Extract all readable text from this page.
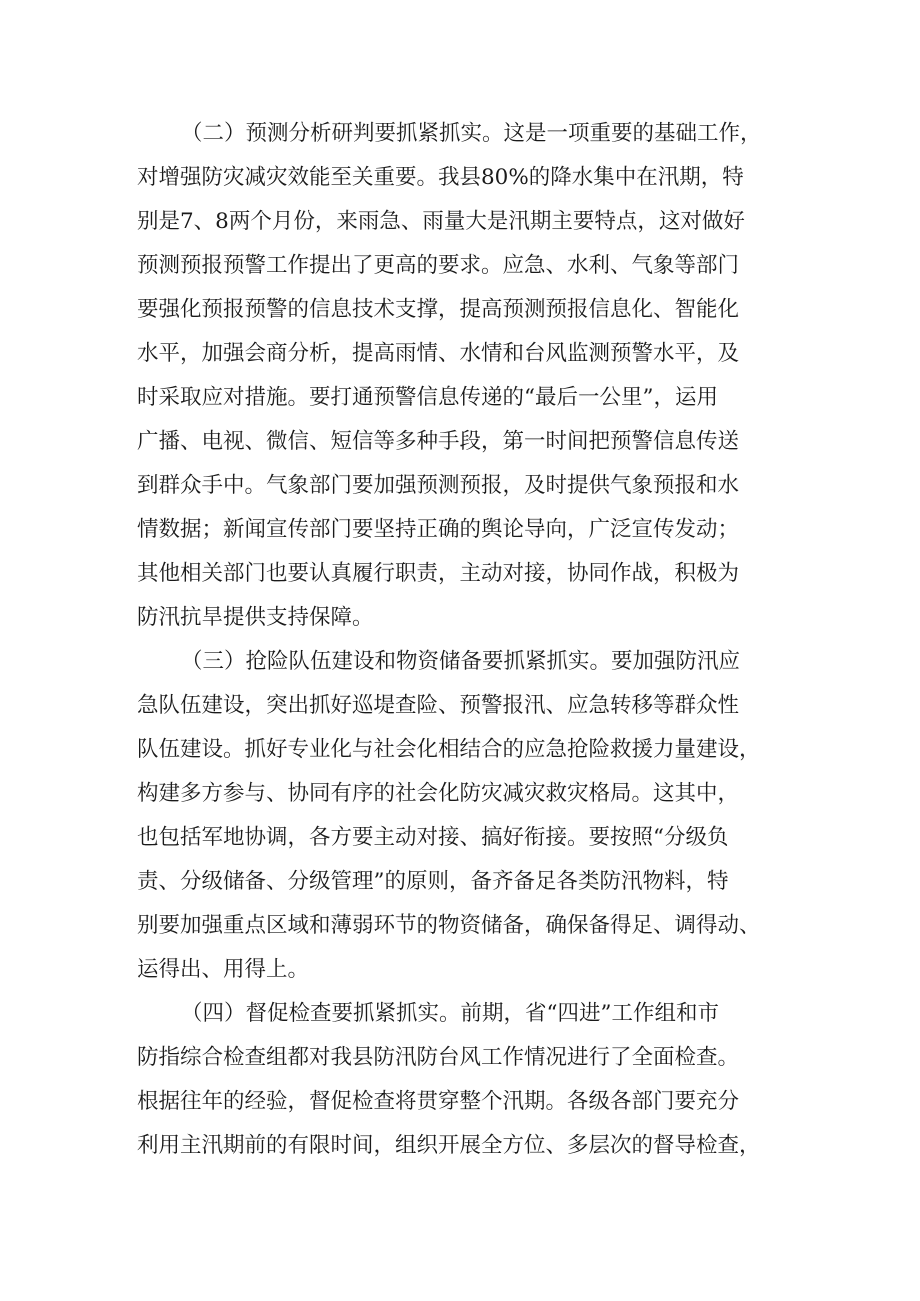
（二）预测分析研判要抓紧抓实。这是一项重要的基础工作，
对增强防灾减灾效能至关重要。我县80%的降水集中在汛期，特
别是7、8两个月份，来雨急、雨量大是汛期主要特点，这对做好
预测预报预警工作提出了更高的要求。应急、水利、气象等部门
要强化预报预警的信息技术支撑，提高预测预报信息化、智能化
水平，加强会商分析，提高雨情、水情和台风监测预警水平，及
时采取应对措施。要打通预警信息传递的“最后一公里”，运用
广播、电视、微信、短信等多种手段，第一时间把预警信息传送
到群众手中。气象部门要加强预测预报，及时提供气象预报和水
情数据；新闻宣传部门要坚持正确的舆论导向，广泛宣传发动；
其他相关部门也要认真履行职责，主动对接，协同作战，积极为
防汛抗旱提供支持保障。
（三）抢险队伍建设和物资储备要抓紧抓实。要加强防汛应
急队伍建设，突出抓好巡堤查险、预警报汛、应急转移等群众性
队伍建设。抓好专业化与社会化相结合的应急抢险救援力量建设，
构建多方参与、协同有序的社会化防灾减灾救灾格局。这其中，
也包括军地协调，各方要主动对接、搞好衔接。要按照“分级负
责、分级储备、分级管理”的原则，备齐备足各类防汛物料，特
别要加强重点区域和薄弱环节的物资储备，确保备得足、调得动、
运得出、用得上。
（四）督促检查要抓紧抓实。前期，省“四进”工作组和市
防指综合检查组都对我县防汛防台风工作情况进行了全面检查。
根据往年的经验，督促检查将贯穿整个汛期。各级各部门要充分
利用主汛期前的有限时间，组织开展全方位、多层次的督导检查，
